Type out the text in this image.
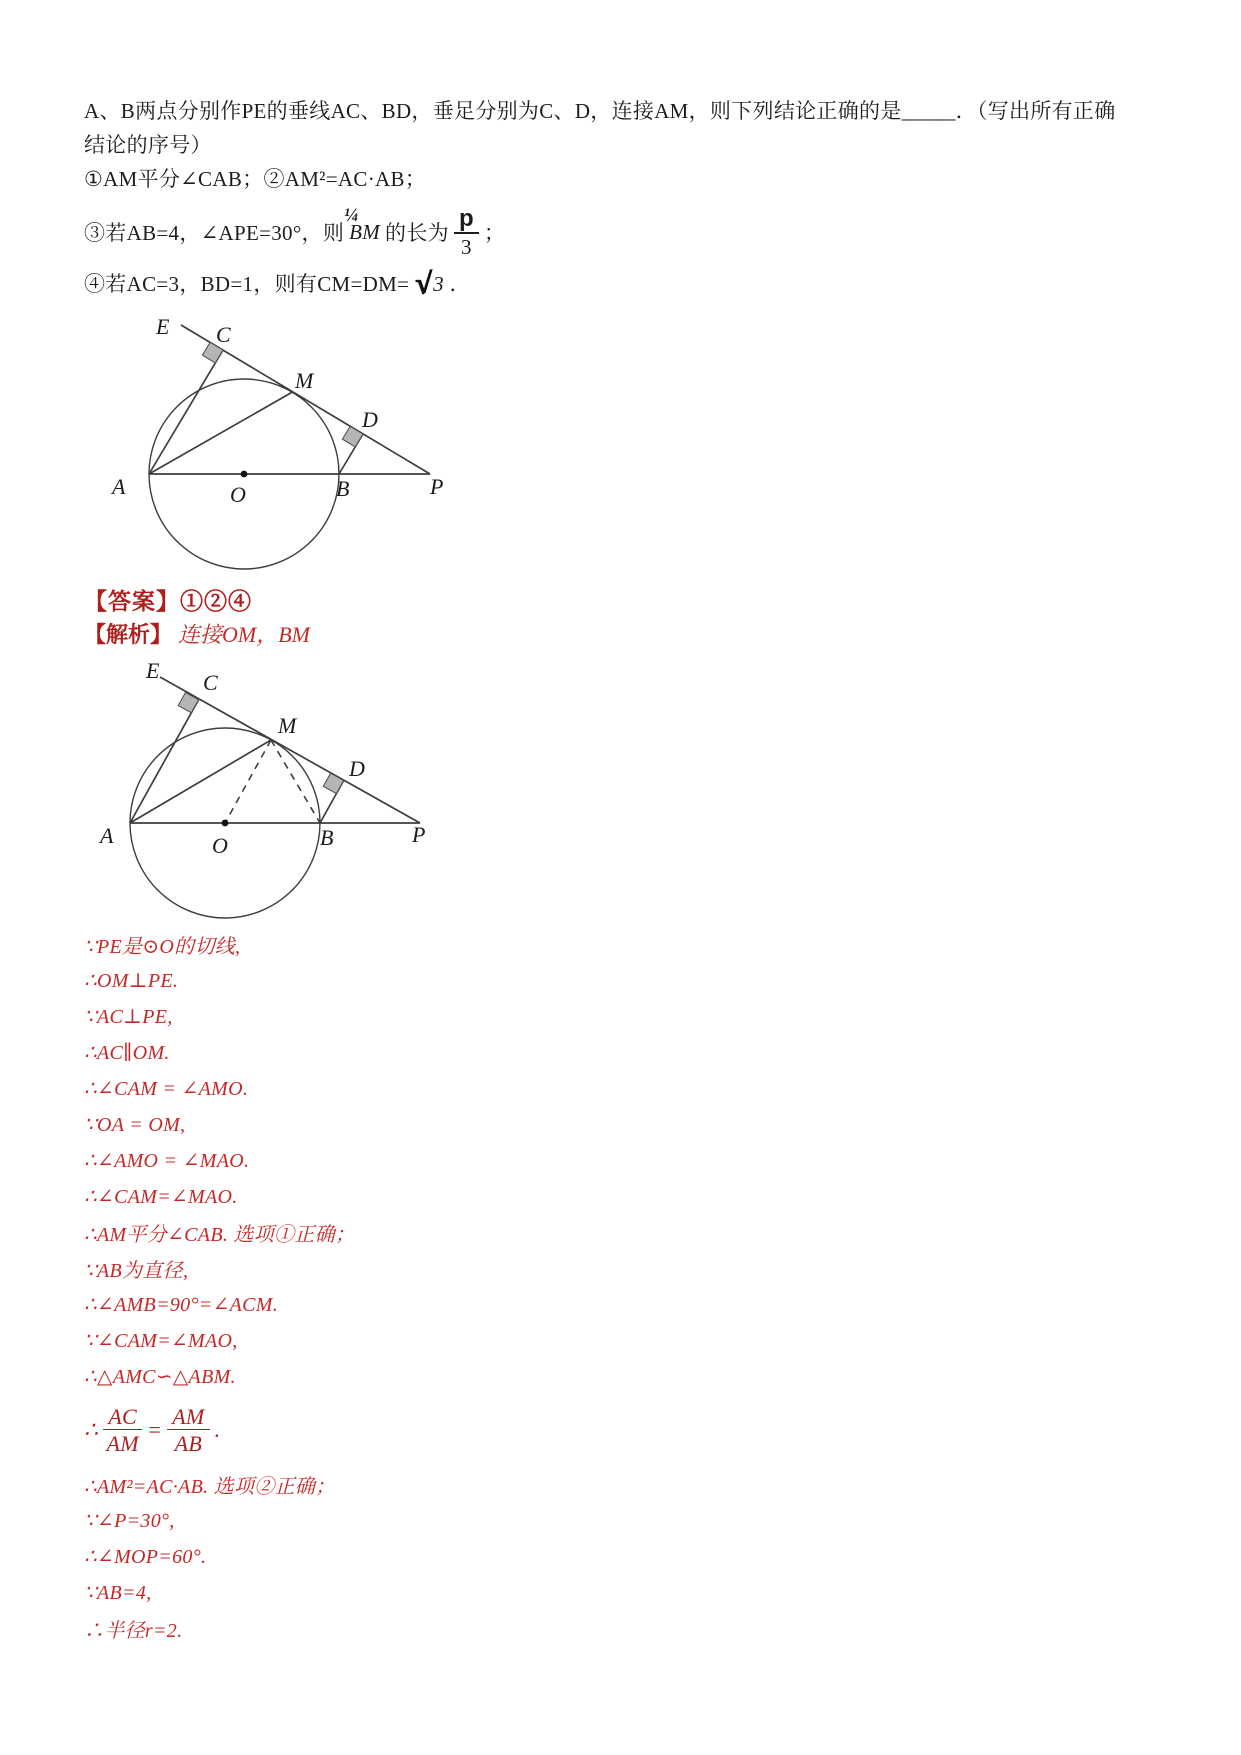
A、B两点分别作PE的垂线AC、BD，垂足分别为C、D，连接AM，则下列结论正确的是_____．（写出所有正确
结论的序号）
①AM平分∠CAB；②AM²=AC·AB；
③若AB=4，∠APE=30°，则
¼
BM 的长为 $\frac{p}{3}$ ；
④若AC=3，BD=1，则有CM=DM= √ 3 ．
E C
M
D
A	O	B	P
【答案】①②④
【解析】 连接OM，BM
E C
M
D
A	O	B	P
∵PE是⊙O的切线,
∴OM⊥PE.
∵AC⊥PE,
∴AC∥OM.
∴∠CAM = ∠AMO.
∵OA = OM,
∴∠AMO = ∠MAO.
∴∠CAM=∠MAO.
∴AM平分∠CAB. 选项①正确；
∵AB为直径,
∴∠AMB=90°=∠ACM.
∵∠CAM=∠MAO,
∴△AMC∽△ABM.
∴ $\frac{AC}{AM} = \frac{AM}{AB}$ .
∴AM²=AC·AB. 选项②正确；
∵∠P=30°,
∴∠MOP=60°.
∵AB=4,
∴半径r=2.
